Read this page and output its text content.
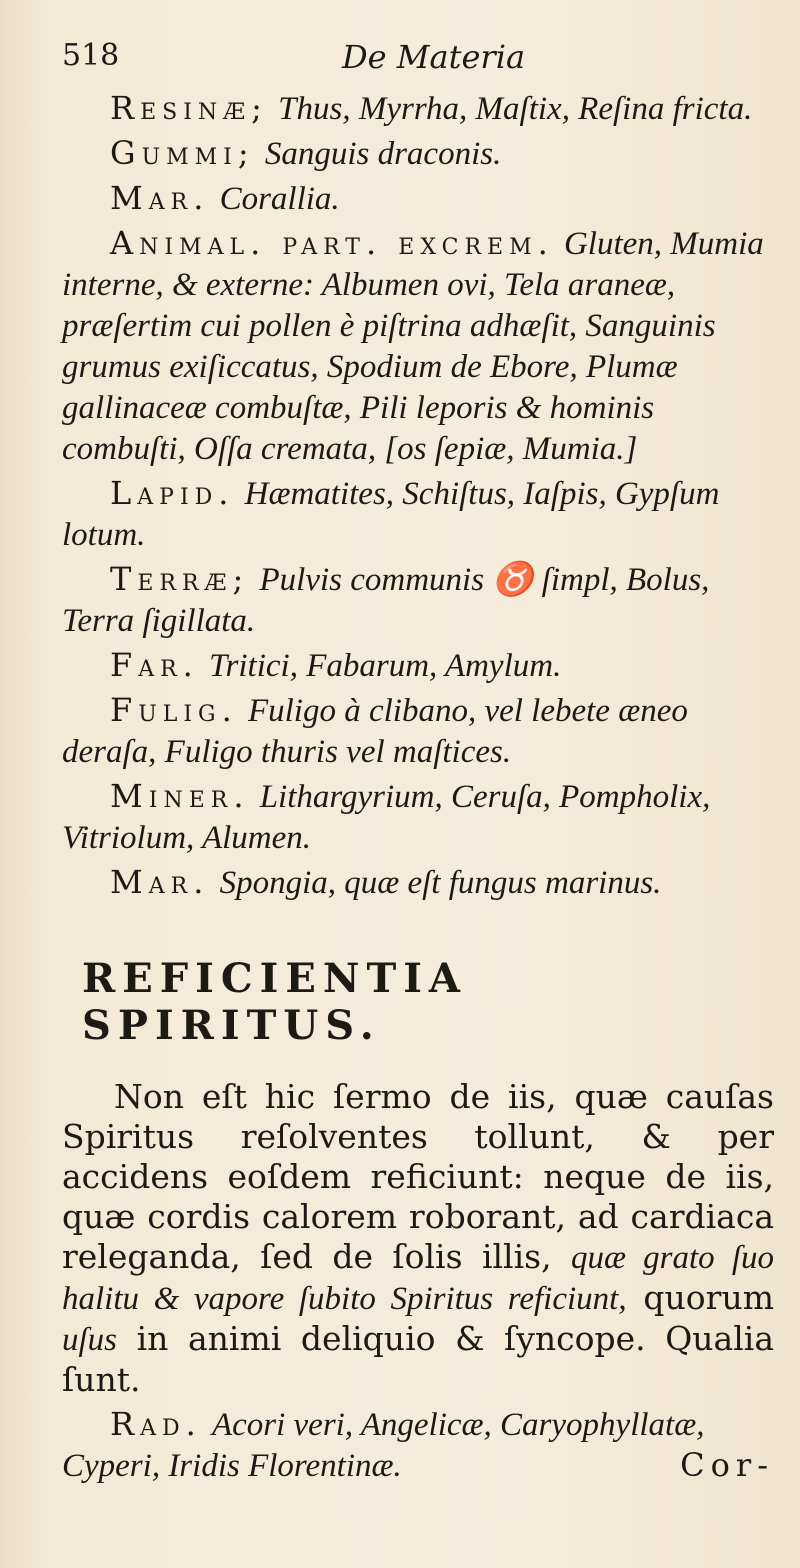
518	De Materia

Resinæ; Thus, Myrrha, Maſtix, Reſina fricta.

Gummi; Sanguis draconis.

Mar. Corallia.

Animal. part. excrem. Gluten, Mumia interne, & externe: Albumen ovi, Tela araneæ, præſertim cui pollen è piſtrina adhæſit, Sanguinis grumus exiſiccatus, Spodium de Ebore, Plumæ gallinaceæ combuſtæ, Pili leporis & hominis combuſti, Oſſa cremata, [os ſepiæ, Mumia.]

Lapid. Hæmatites, Schiſtus, Iaſpis, Gypſum lotum.

Terræ; Pulvis communis ♉ ſimpl, Bolus, Terra ſigillata.

Far. Tritici, Fabarum, Amylum.

Fulig. Fuligo à clibano, vel lebete æneo deraſa, Fuligo thuris vel maſtices.

Miner. Lithargyrium, Ceruſa, Pompholix, Vitriolum, Alumen.

Mar. Spongia, quæ eſt fungus marinus.

REFICIENTIA SPIRITUS.

Non eſt hic ſermo de iis, quæ cauſas Spiritus reſolventes tollunt, & per accidens eoſdem reficiunt: neque de iis, quæ cordis calorem roborant, ad cardiaca releganda, ſed de ſolis illis, quæ grato ſuo halitu & vapore ſubito Spiritus reficiunt, quorum uſus in animi deliquio & ſyncope. Qualia ſunt.

Rad. Acori veri, Angelicæ, Caryophyllatæ, Cyperi, Iridis Florentinæ.	Cor-
